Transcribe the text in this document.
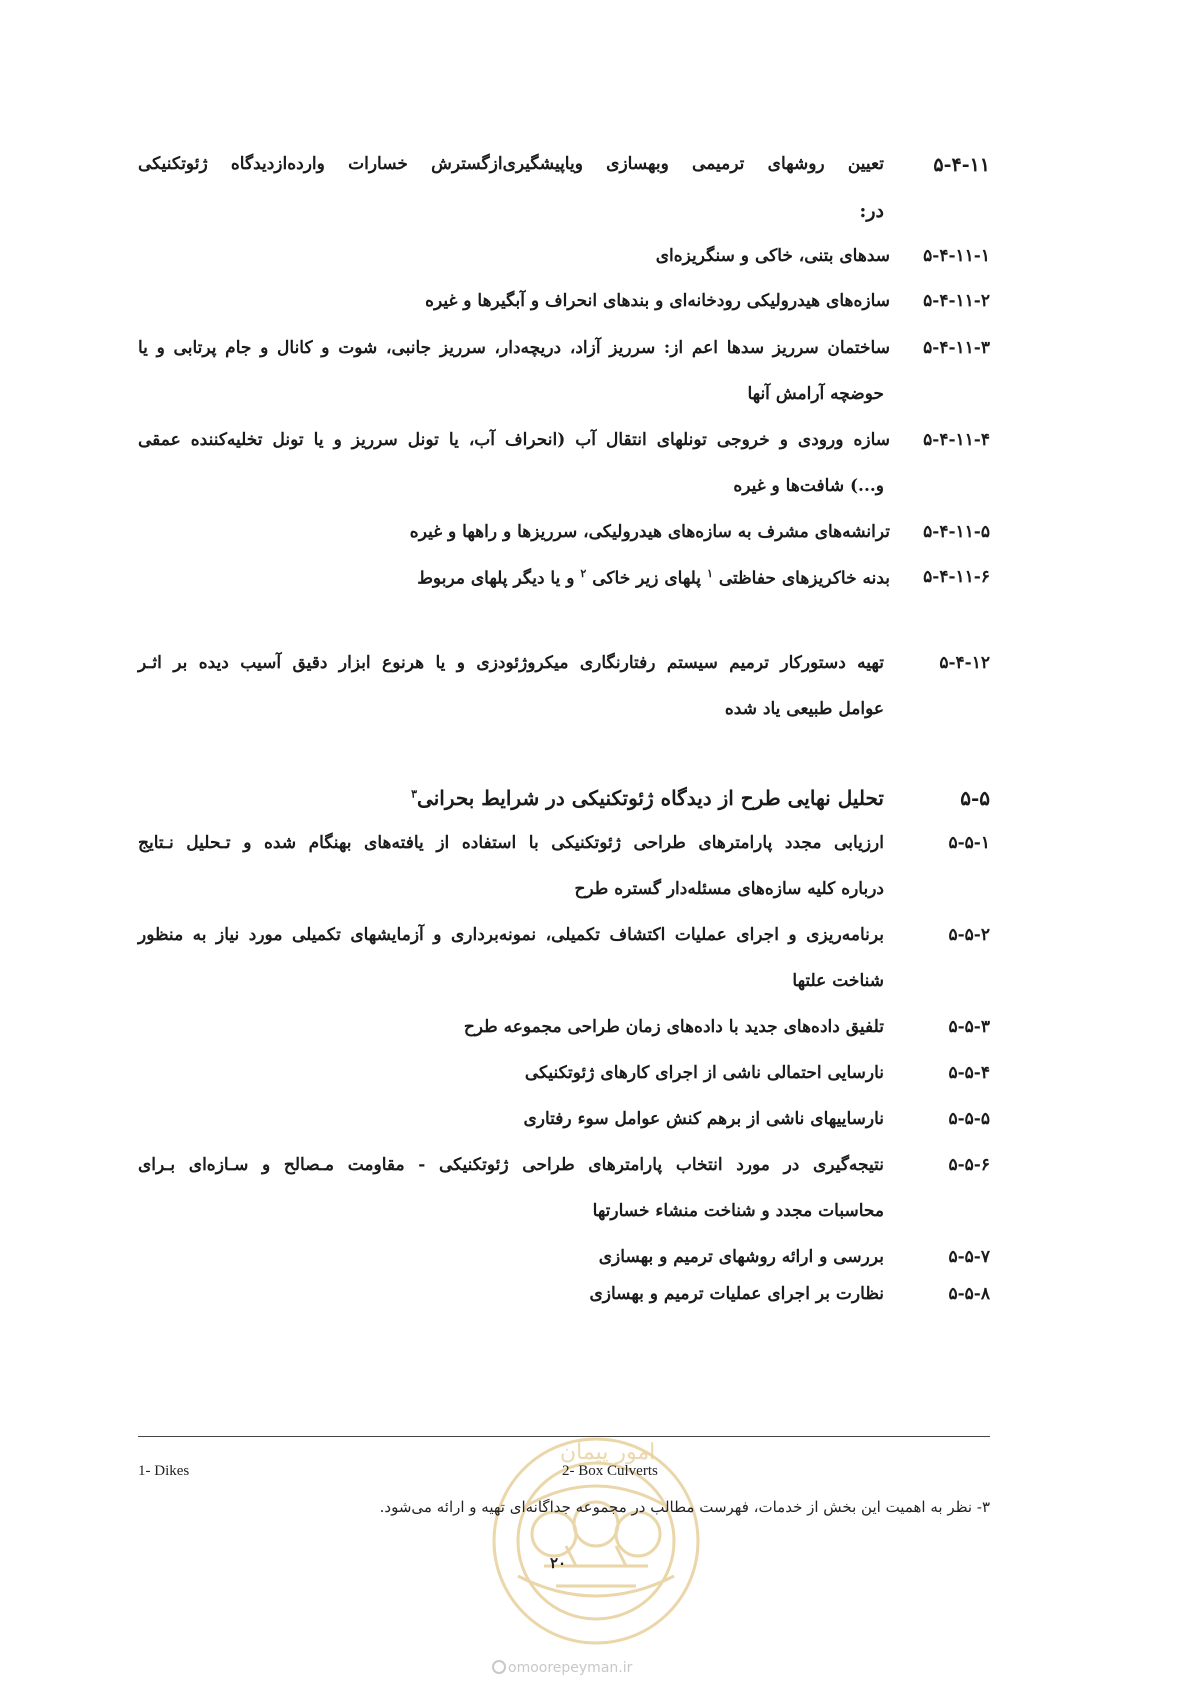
۵-۴-۱۱
تعیین روشهای ترمیمی وبهسازی ویاپیشگیری‌ازگسترش خسارات وارده‌ازدیدگاه ژئوتکنیکی
در:
۵-۴-۱۱-۱
سدهای بتنی، خاکی و سنگریزه‌ای
۵-۴-۱۱-۲
سازه‌های هیدرولیکی رودخانه‌ای و بندهای انحراف و آبگیرها و غیره
۵-۴-۱۱-۳
ساختمان سرریز سدها اعم از: سرریز آزاد، دریچه‌دار، سرریز جانبی، شوت و کانال و جام پرتابی و یا
حوضچه آرامش آنها
۵-۴-۱۱-۴
سازه ورودی و خروجی تونلهای انتقال آب (انحراف آب، یا تونل سرریز و یا تونل تخلیه‌کننده عمقی
و...) شافت‌ها و غیره
۵-۴-۱۱-۵
ترانشه‌های مشرف به سازه‌های هیدرولیکی، سرریزها و راهها و غیره
۵-۴-۱۱-۶
بدنه خاکریزهای حفاظتی $^۱$ پلهای زیر خاکی $^۲$ و یا دیگر پلهای مربوط
۵-۴-۱۲
تهیه دستورکار ترمیم سیستم رفتارنگاری میکروژئودزی و یا هرنوع ابزار دقیق آسیب دیده بر اثـر
عوامل طبیعی یاد شده
۵-۵
تحلیل نهایی طرح از دیدگاه ژئوتکنیکی در شرایط بحرانی$^۳$
۵-۵-۱
ارزیابی مجدد پارامترهای طراحی ژئوتکنیکی با استفاده از یافته‌های بهنگام شده و تـحلیل نـتایج
درباره کلیه سازه‌های مسئله‌دار گستره طرح
۵-۵-۲
برنامه‌ریزی و اجرای عملیات اکتشاف تکمیلی، نمونه‌برداری و آزمایشهای تکمیلی مورد نیاز به منظور
شناخت علتها
۵-۵-۳
تلفیق داده‌های جدید با داده‌های زمان طراحی مجموعه طرح
۵-۵-۴
نارسایی احتمالی ناشی از اجرای کارهای ژئوتکنیکی
۵-۵-۵
نارساییهای ناشی از برهم کنش عوامل سوء رفتاری
۵-۵-۶
نتیجه‌گیری در مورد انتخاب پارامترهای طراحی ژئوتکنیکی - مقاومت مـصالح و سـازه‌ای بـرای
محاسبات مجدد و شناخت منشاء خسارتها
۵-۵-۷
بررسی و ارائه روشهای ترمیم و بهسازی
۵-۵-۸
نظارت بر اجرای عملیات ترمیم و بهسازی
امور پیمان
1- Dikes	2- Box Culverts
۳- نظر به اهمیت این بخش از خدمات، فهرست مطالب در مجموعه جداگانه‌ای تهیه و ارائه می‌شود.
۲۰
omoorepeyman.ir
